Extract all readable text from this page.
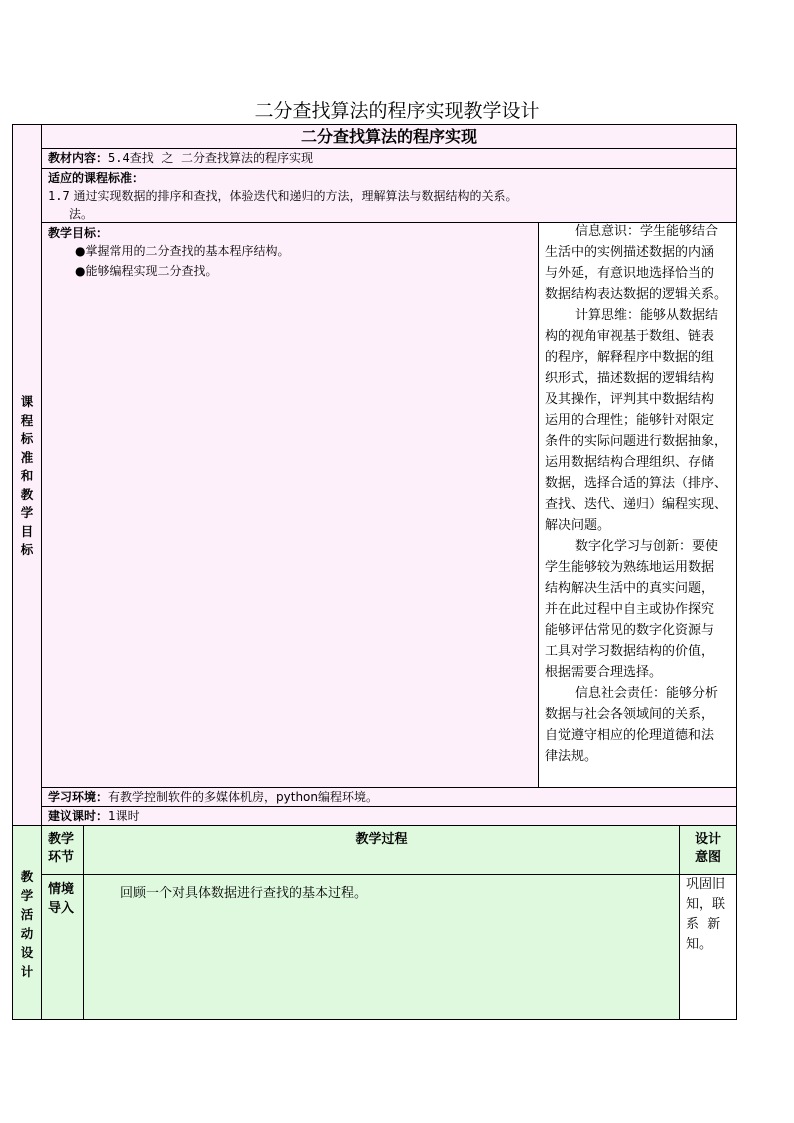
二分查找算法的程序实现教学设计
课
程
标
准
和
教
学
目
标
二分查找算法的程序实现
教材内容：5.4查找  之  二分查找算法的程序实现
适应的课程标准：
1.7 通过实现数据的排序和查找，体验迭代和递归的方法，理解算法与数据结构的关系。
法。
教学目标：
●掌握常用的二分查找的基本程序结构。
●能够编程实现二分查找。
信息意识：学生能够结合
生活中的实例描述数据的内涵
与外延，有意识地选择恰当的
数据结构表达数据的逻辑关系。
计算思维：能够从数据结
构的视角审视基于数组、链表
的程序，解释程序中数据的组
织形式，描述数据的逻辑结构
及其操作，评判其中数据结构
运用的合理性；能够针对限定
条件的实际问题进行数据抽象，
运用数据结构合理组织、存储
数据，选择合适的算法（排序、
查找、迭代、递归）编程实现、
解决问题。
数字化学习与创新：要使
学生能够较为熟练地运用数据
结构解决生活中的真实问题，
并在此过程中自主或协作探究
能够评估常见的数字化资源与
工具对学习数据结构的价值，
根据需要合理选择。
信息社会责任：能够分析
数据与社会各领域间的关系，
自觉遵守相应的伦理道德和法
律法规。
学习环境：有教学控制软件的多媒体机房，python编程环境。
建议课时：1课时
教
学
活
动
设
计
教学
环节
教学过程	设计
意图
情境
导入
回顾一个对具体数据进行查找的基本过程。
巩固旧
知，联
系  新
知。
